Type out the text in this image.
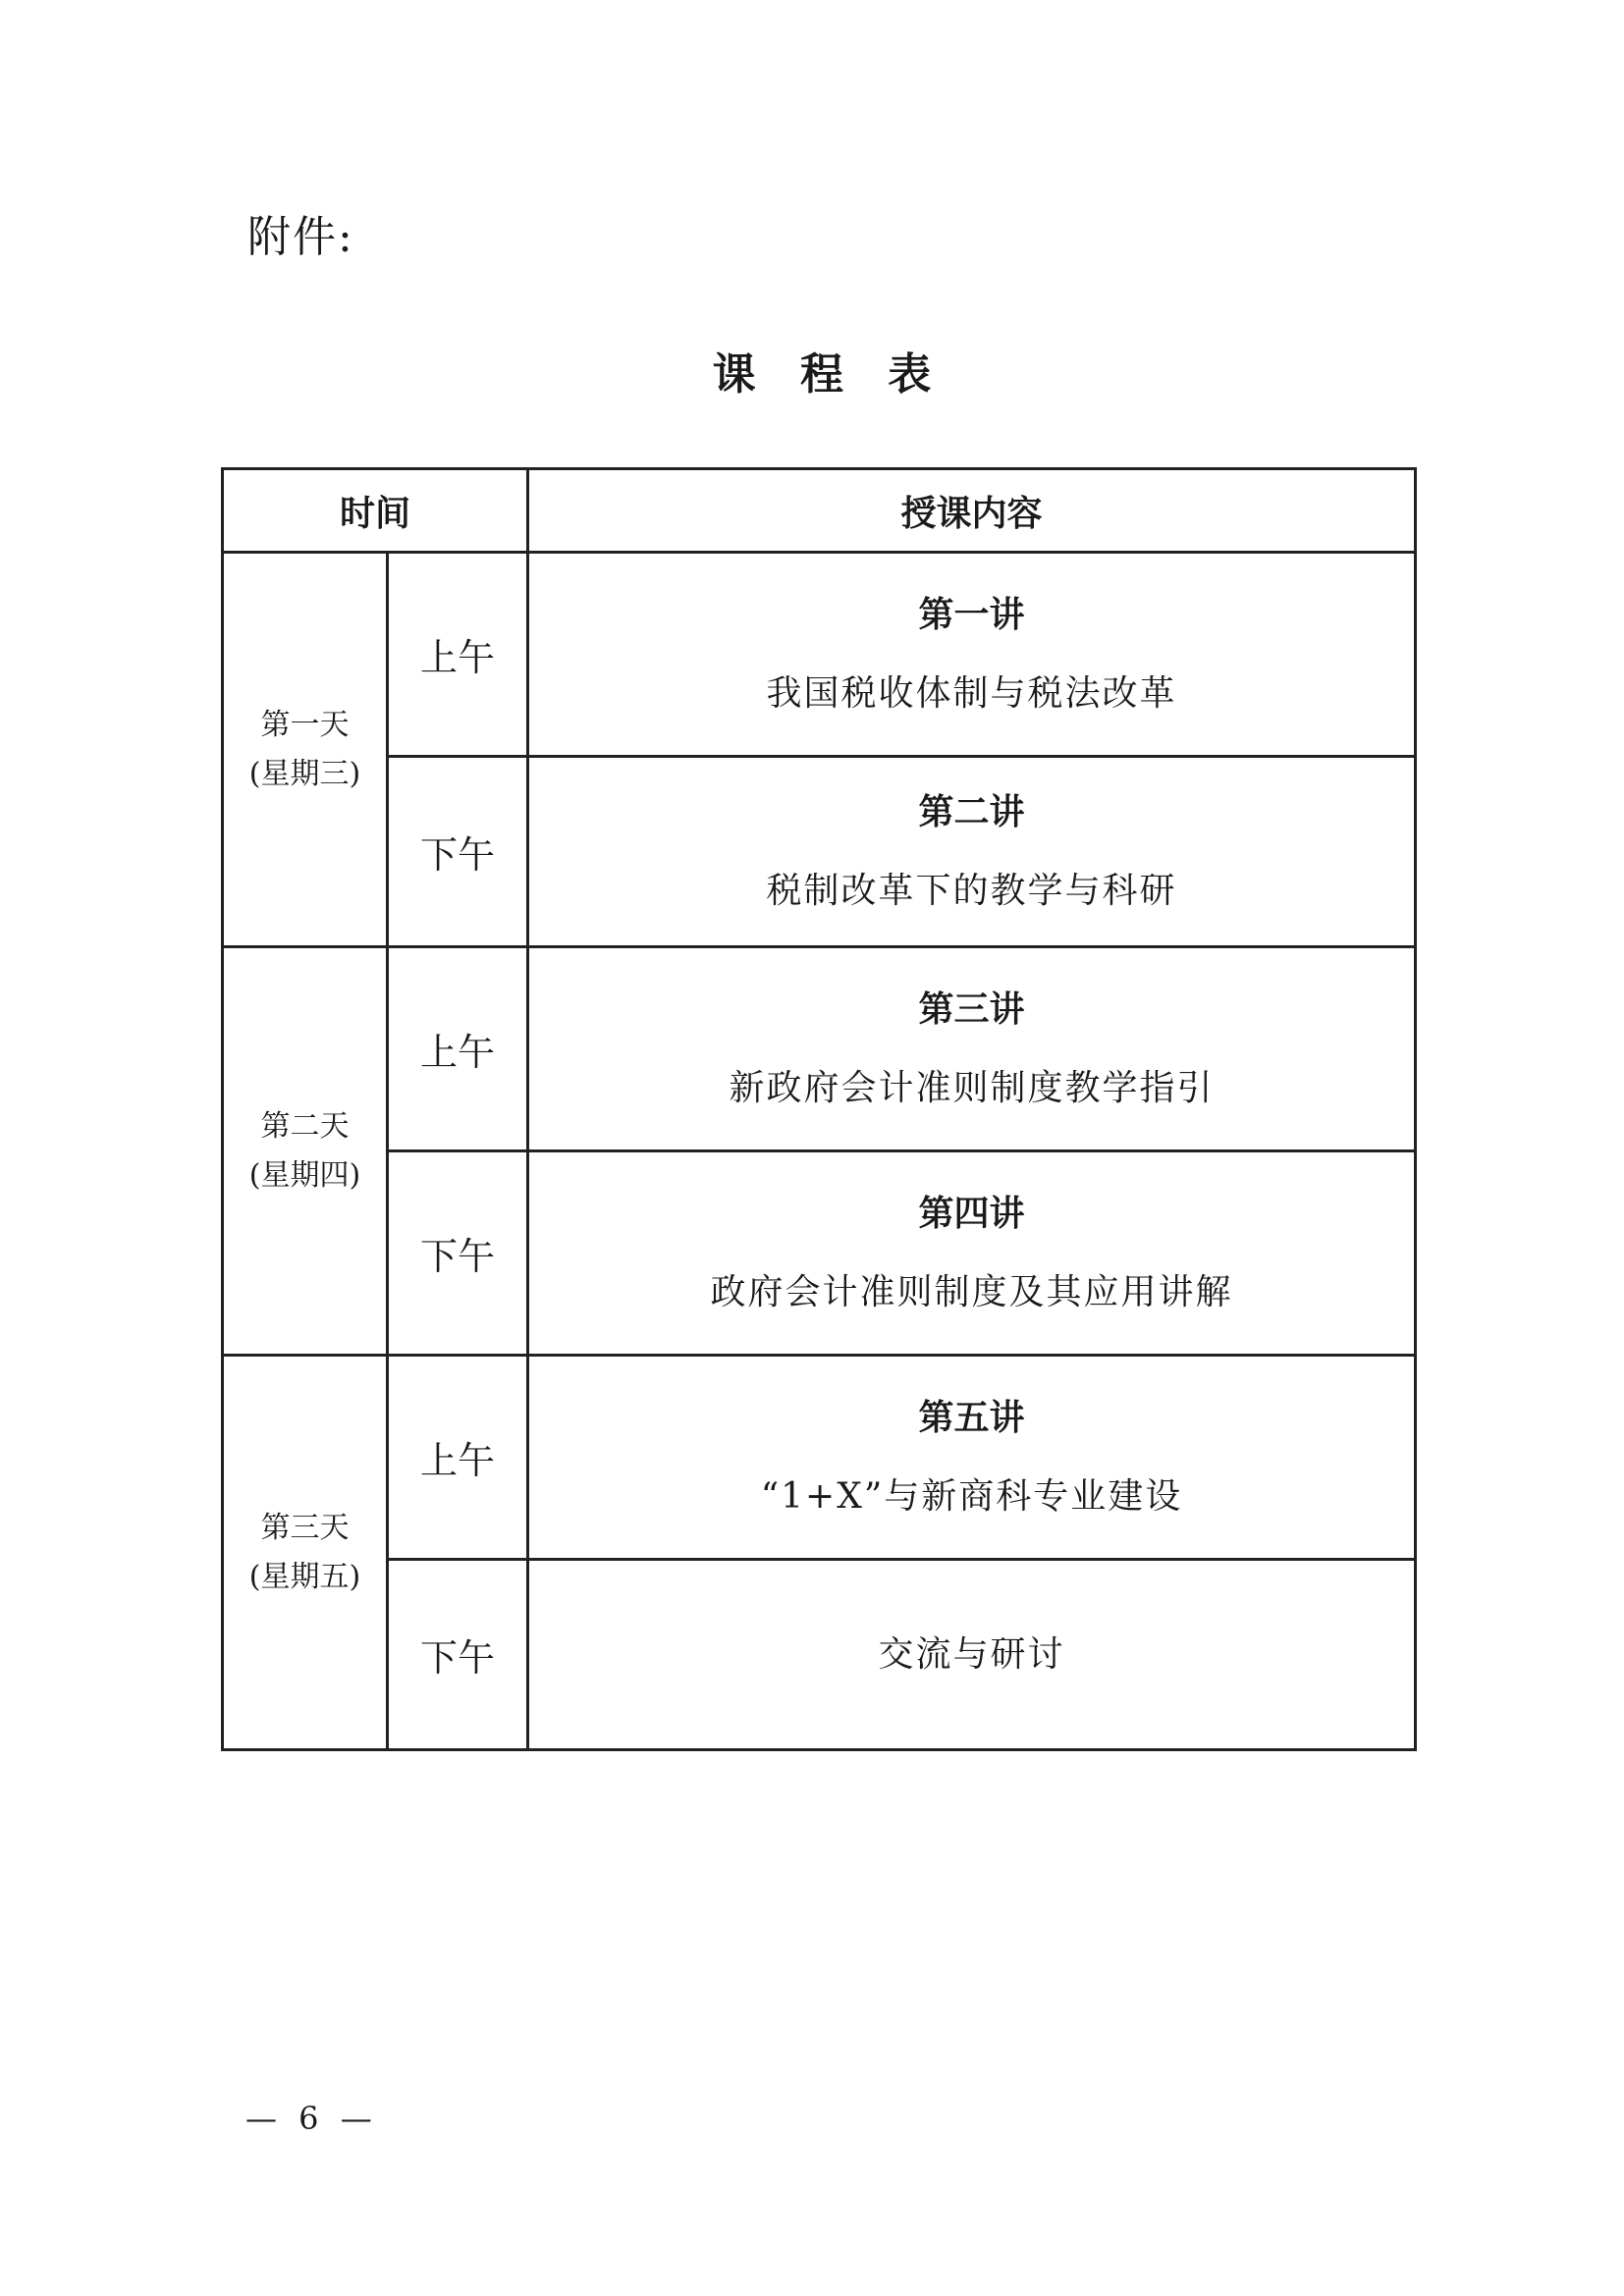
附件:
课 程 表
时间		授课内容
第一天
(星期三)	上午	第一讲
我国税收体制与税法改革

	下午	第二讲
税制改革下的教学与科研

第二天
(星期四)	上午	第三讲
新政府会计准则制度教学指引

	下午	第四讲
政府会计准则制度及其应用讲解

第三天
(星期五)	上午	第五讲
“1+X”与新商科专业建设

	下午	交流与研讨
— 6 —
